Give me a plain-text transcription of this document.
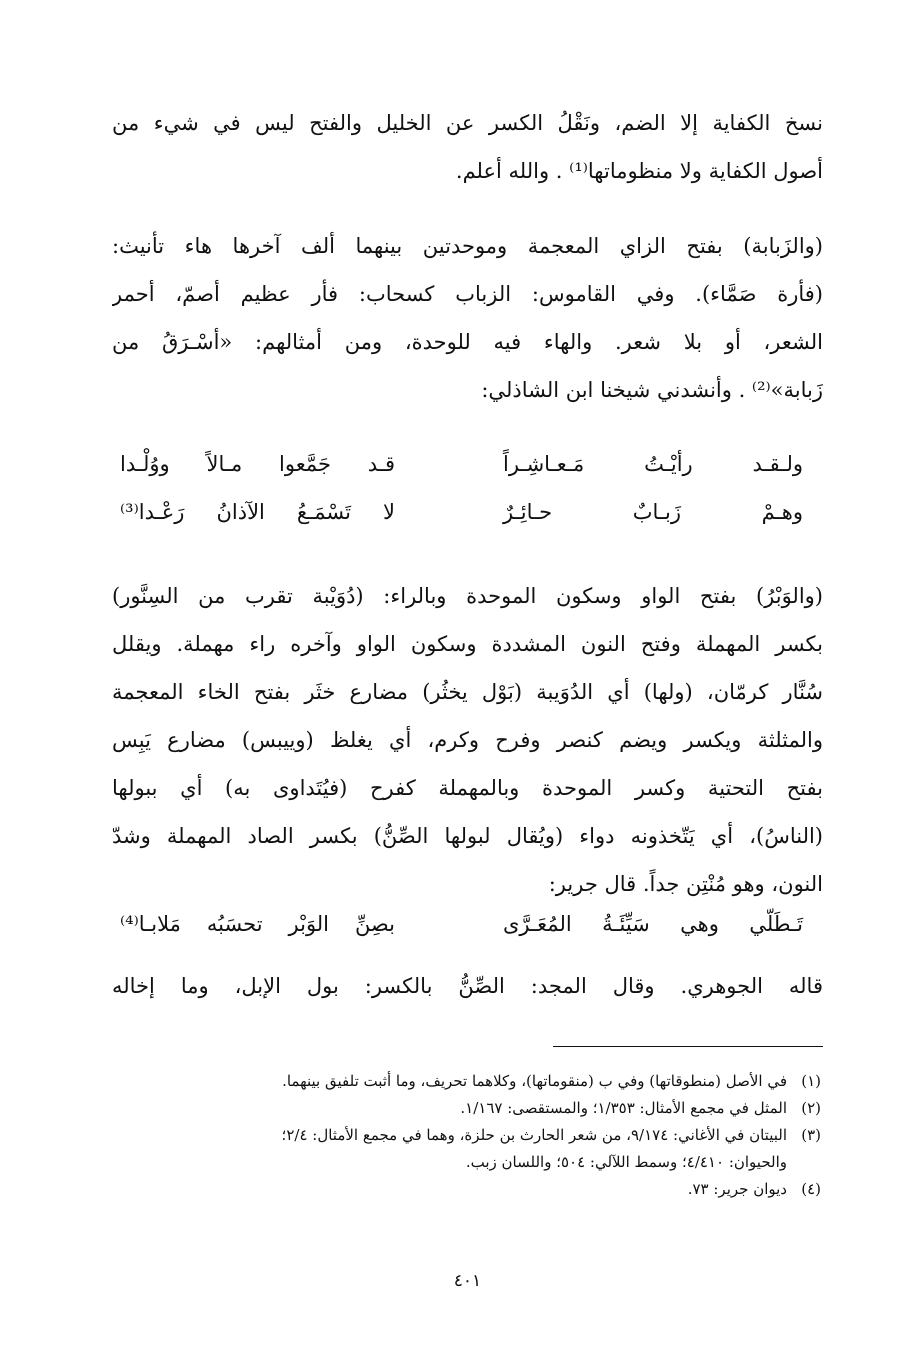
نسخ الكفاية إلا الضم، ونَقْلُ الكسر عن الخليل والفتح ليس في شيء من
أصول الكفاية ولا منظوماتها⁽¹⁾ . والله أعلم.
(والزَبابة) بفتح الزاي المعجمة وموحدتين بينهما ألف آخرها هاء تأنيث:
(فأرة صَمَّاء). وفي القاموس: الزباب كسحاب: فأر عظيم أصمّ، أحمر
الشعر، أو بلا شعر. والهاء فيه للوحدة، ومن أمثالهم: «أسْـرَقُ من
زَبابة»⁽²⁾ . وأنشدني شيخنا ابن الشاذلي:
ولـقـد رأيْـتُ مَـعـاشِـراً
قـد جَمَّعوا مـالاً ووُلْـدا
وهـمْ زَبـابٌ حـائِـرٌ
لا تَسْمَـعُ الآذانُ رَعْـدا⁽³⁾
(والوَبْرُ) بفتح الواو وسكون الموحدة وبالراء: (دُوَيْبة تقرب من السِنَّور)
بكسر المهملة وفتح النون المشددة وسكون الواو وآخره راء مهملة. ويقلل
سُنَّار كرمّان، (ولها) أي الدُوَيبة (بَوْل يخثُر) مضارع خثَر بفتح الخاء المعجمة
والمثلثة ويكسر ويضم كنصر وفرح وكرم، أي يغلظ (وييبس) مضارع يَبِس
بفتح التحتية وكسر الموحدة وبالمهملة كفرح (فيُتَداوى به) أي ببولها
(الناسُ)، أي يَتّخذونه دواء (ويُقال لبولها الصِّنُّ) بكسر الصاد المهملة وشدّ
النون، وهو مُنْتِن جداً. قال جرير:
تَـطَلّي وهي سَيِّئَـةُ المُعَـرَّى
بصِنِّ الوَبْر تحسَبُه مَلابـا⁽⁴⁾
قاله الجوهري. وقال المجد: الصِّنُّ بالكسر: بول الإبل، وما إخاله
(١)
في الأصل (منطوقاتها) وفي ب (منقوماتها)، وكلاهما تحريف، وما أثبت تلفيق بينهما.
(٢)
المثل في مجمع الأمثال: ١/٣٥٣؛ والمستقصى: ١/١٦٧.
(٣)
البيتان في الأغاني: ٩/١٧٤، من شعر الحارث بن حلزة، وهما في مجمع الأمثال: ٢/٤؛
والحيوان: ٤/٤١٠؛ وسمط اللآلي: ٥٠٤؛ واللسان زبب.
(٤)
ديوان جرير: ٧٣.
٤٠١
